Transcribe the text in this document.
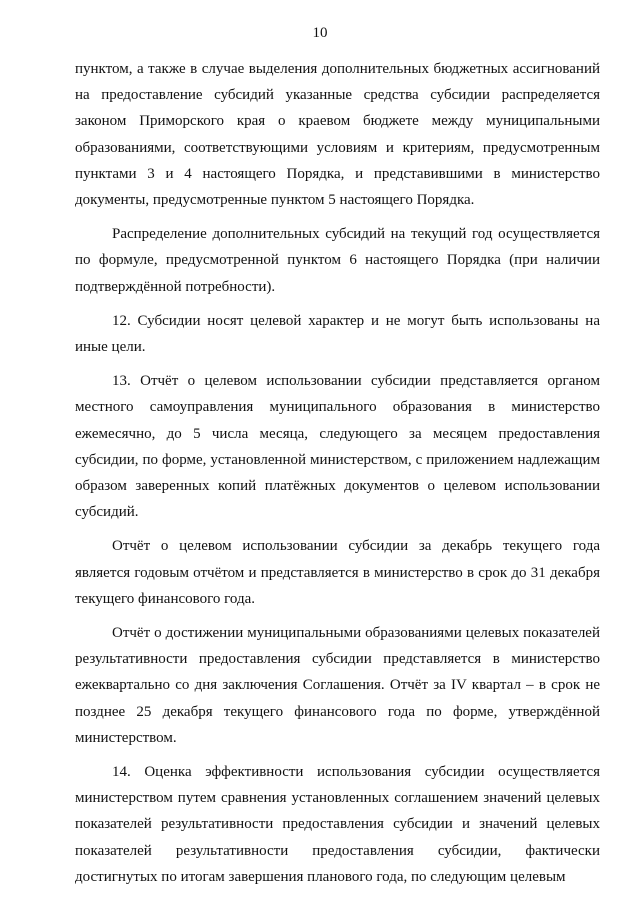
10

пунктом, а также в случае выделения дополнительных бюджетных ассигнований на предоставление субсидий указанные средства субсидии распределяется законом Приморского края о краевом бюджете между муниципальными образованиями, соответствующими условиям и критериям, предусмотренным пунктами 3 и 4 настоящего Порядка, и представившими в министерство документы, предусмотренные пунктом 5 настоящего Порядка.

Распределение дополнительных субсидий на текущий год осуществляется по формуле, предусмотренной пунктом 6 настоящего Порядка (при наличии подтверждённой потребности).

12. Субсидии носят целевой характер и не могут быть использованы на иные цели.

13. Отчёт о целевом использовании субсидии представляется органом местного самоуправления муниципального образования в министерство ежемесячно, до 5 числа месяца, следующего за месяцем предоставления субсидии, по форме, установленной министерством, с приложением надлежащим образом заверенных копий платёжных документов о целевом использовании субсидий.

Отчёт о целевом использовании субсидии за декабрь текущего года является годовым отчётом и представляется в министерство в срок до 31 декабря текущего финансового года.

Отчёт о достижении муниципальными образованиями целевых показателей результативности предоставления субсидии представляется в министерство ежеквартально со дня заключения Соглашения. Отчёт за IV квартал – в срок не позднее 25 декабря текущего финансового года по форме, утверждённой министерством.

14. Оценка эффективности использования субсидии осуществляется министерством путем сравнения установленных соглашением значений целевых показателей результативности предоставления субсидии и значений целевых показателей результативности предоставления субсидии, фактически достигнутых по итогам завершения планового года, по следующим целевым
